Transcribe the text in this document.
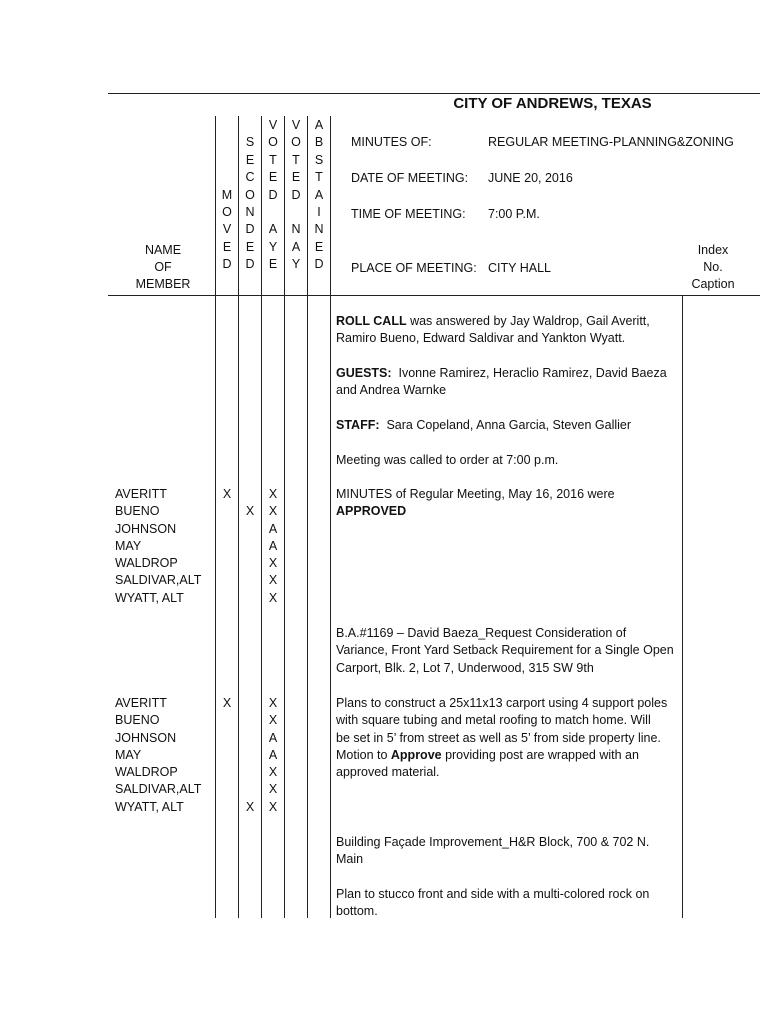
CITY OF ANDREWS, TEXAS
M
O
V
E
D
S
E
C
O
N
D
E
D
V
O
T
E
D
A
Y
E
V
O
T
E
D
N
A
Y
A
B
S
T
A
I
N
E
D
NAME
OF
MEMBER
Index
No.
Caption
MINUTES OF:	REGULAR MEETING-PLANNING&ZONING
DATE OF MEETING: JUNE 20, 2016
TIME OF MEETING: 7:00 P.M.
PLACE OF MEETING: CITY HALL
ROLL CALL was answered by Jay Waldrop, Gail Averitt,
Ramiro Bueno, Edward Saldivar and Yankton Wyatt.
GUESTS:  Ivonne Ramirez, Heraclio Ramirez, David Baeza
and Andrea Warnke
STAFF:  Sara Copeland, Anna Garcia, Steven Gallier
Meeting was called to order at 7:00 p.m.
AVERITT
BUENO
JOHNSON
MAY
WALDROP
SALDIVAR,ALT
WYATT, ALT
X
X
X
X
A
A
X
X
X
MINUTES of Regular Meeting, May 16, 2016 were
APPROVED
B.A.#1169 – David Baeza_Request Consideration of
Variance, Front Yard Setback Requirement for a Single Open
Carport, Blk. 2, Lot 7, Underwood, 315 SW 9th
AVERITT
BUENO
JOHNSON
MAY
WALDROP
SALDIVAR,ALT
WYATT, ALT
X
X
X
X
A
A
X
X
X
Plans to construct a 25x11x13 carport using 4 support poles
with square tubing and metal roofing to match home. Will
be set in 5’ from street as well as 5’ from side property line.
Motion to Approve providing post are wrapped with an
approved material.
Building Façade Improvement_H&R Block, 700 & 702 N.
Main
Plan to stucco front and side with a multi-colored rock on
bottom.
